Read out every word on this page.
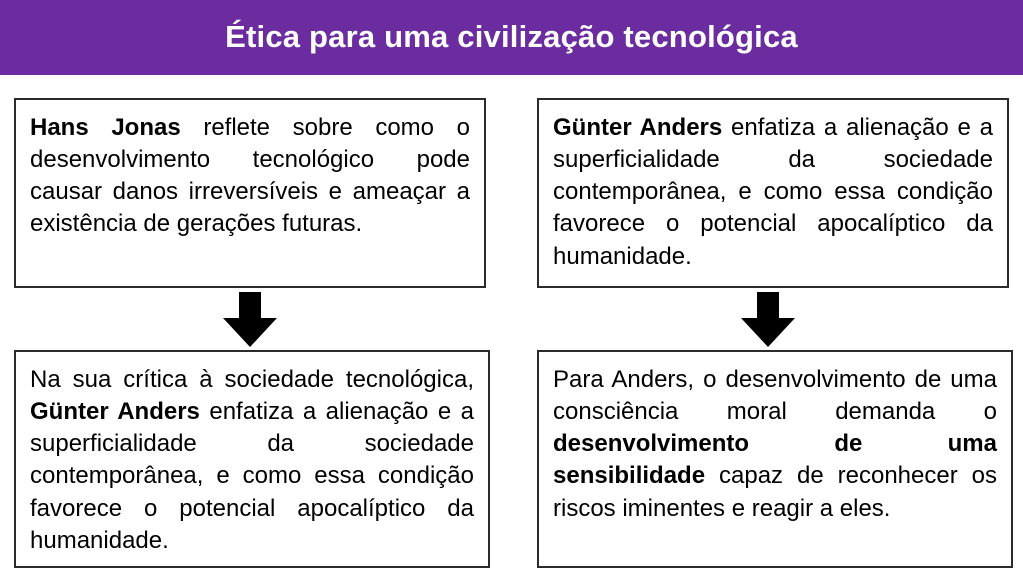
Ética para uma civilização tecnológica
Hans Jonas reflete sobre como o desenvolvimento tecnológico pode causar danos irreversíveis e ameaçar a existência de gerações futuras.
Günter Anders enfatiza a alienação e a superficialidade da sociedade contemporânea, e como essa condição favorece o potencial apocalíptico da humanidade.
Na sua crítica à sociedade tecnológica, Günter Anders enfatiza a alienação e a superficialidade da sociedade contemporânea, e como essa condição favorece o potencial apocalíptico da humanidade.
Para Anders, o desenvolvimento de uma consciência moral demanda o desenvolvimento de uma sensibilidade capaz de reconhecer os riscos iminentes e reagir a eles.
